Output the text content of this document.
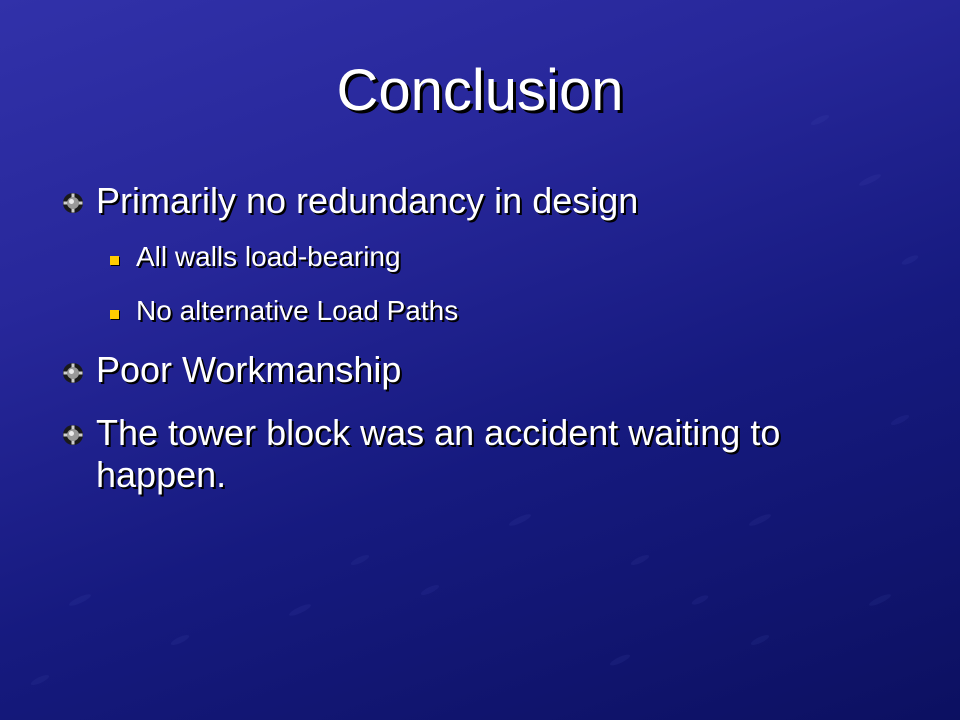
Conclusion
Primarily no redundancy in design
All walls load-bearing
No alternative Load Paths
Poor Workmanship
The tower block was an accident waiting to happen.
